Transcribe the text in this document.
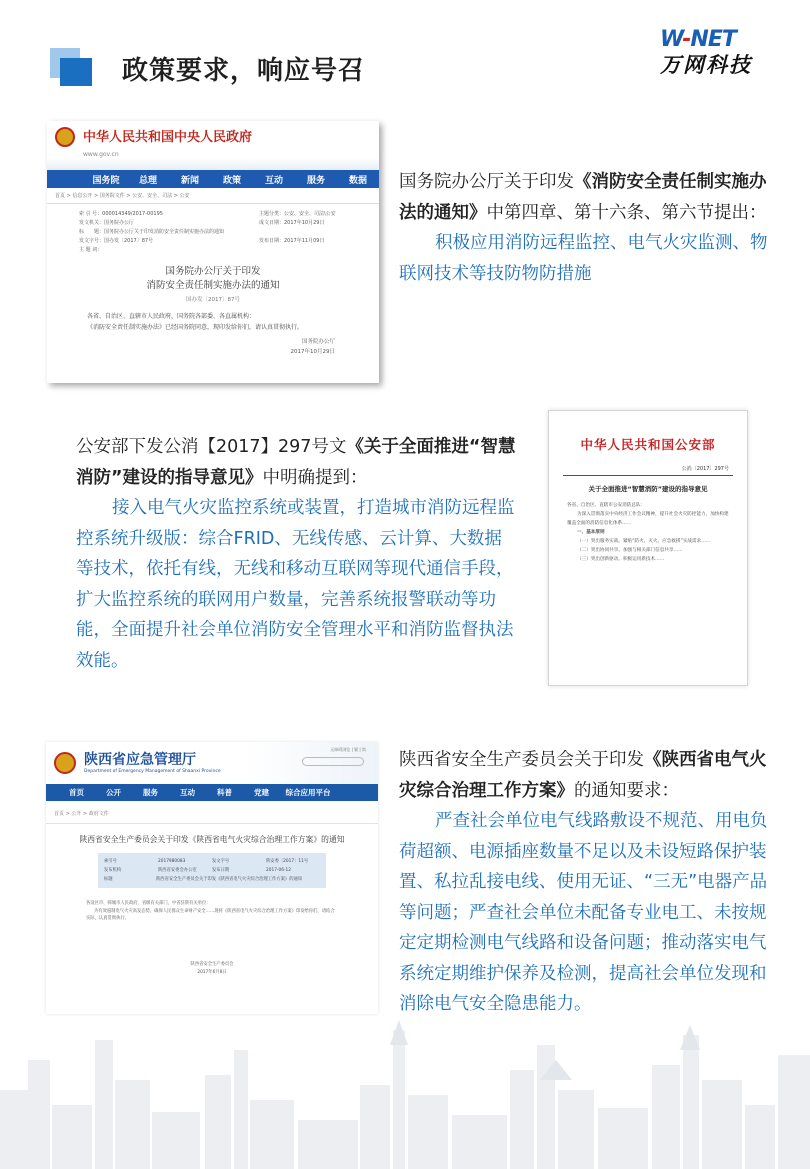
政策要求，响应号召
W-NET
万网科技
中华人民共和国中央人民政府
www.gov.cn
国务院	总理	新闻	政策	互动	服务	数据
首页 > 信息公开 > 国务院文件 > 公安、安全、司法 > 公安
索 引 号：000014349/2017-00195
发文机关：国务院办公厅
标　　题：国务院办公厅关于印发消防安全责任制实施办法的通知
发文字号：国办发〔2017〕87号
主 题 词：
主题分类：公安、安全、司法\公安
成文日期：2017年10月29日

发布日期：2017年11月09日
国务院办公厅关于印发
消防安全责任制实施办法的通知
国办发〔2017〕87号
各省、自治区、直辖市人民政府，国务院各部委、各直属机构：
《消防安全责任制实施办法》已经国务院同意，现印发给你们，请认真贯彻执行。
国务院办公厅
2017年10月29日
国务院办公厅关于印发《消防安全责任制实施办法的通知》中第四章、第十六条、第六节提出：
积极应用消防远程监控、电气火灾监测、物联网技术等技防物防措施
公安部下发公消【2017】297号文《关于全面推进“智慧消防”建设的指导意见》中明确提到：
接入电气火灾监控系统或装置，打造城市消防远程监控系统升级版：综合FRID、无线传感、云计算、大数据等技术，依托有线，无线和移动互联网等现代通信手段，扩大监控系统的联网用户数量，完善系统报警联动等功能，全面提升社会单位消防安全管理水平和消防监督执法效能。
中华人民共和国公安部
公消〔2017〕297号
关于全面推进“智慧消防”建设的指导意见
各省、自治区、直辖市公安消防总队：
为深入贯彻落实中央经济工作会议精神，提升社会火灾防控能力，加快构建覆盖全面的消防信息化体系……
一、基本原则
（一）突出服务实战。紧贴“防火、灭火、应急救援”实战需求……
（二）突出协同共享。加强与相关部门信息共享……
（三）突出创新驱动。积极运用新技术……
陕西省应急管理厅
Department of Emergency Management of Shaanxi Province
无障碍浏览 | 繁 | 简
首页	公开	服务	互动	科普	党建	综合应用平台
首页 > 公开 > 政府文件
陕西省安全生产委员会关于印发《陕西省电气火灾综合治理工作方案》的通知
索引号	2017980083	发文字号	陕安委〔2017〕11号
发布机构	陕西省安委会办公室	发布日期	2017-06-12
标题	陕西省安全生产委员会关于印发《陕西省电气火灾综合治理工作方案》的通知
各设区市、韩城市人民政府，省级有关部门，中省驻陕有关单位：
为有效遏制电气火灾高发态势，确保人民群众生命财产安全……现将《陕西省电气火灾综合治理工作方案》印发给你们，请结合实际，认真贯彻执行。
陕西省安全生产委员会
2017年6月8日
陕西省安全生产委员会关于印发《陕西省电气火灾综合治理工作方案》的通知要求：
严查社会单位电气线路敷设不规范、用电负荷超额、电源插座数量不足以及未设短路保护装置、私拉乱接电线、使用无证、“三无”电器产品等问题；严查社会单位未配备专业电工、未按规定定期检测电气线路和设备问题；推动落实电气系统定期维护保养及检测，提高社会单位发现和消除电气安全隐患能力。
